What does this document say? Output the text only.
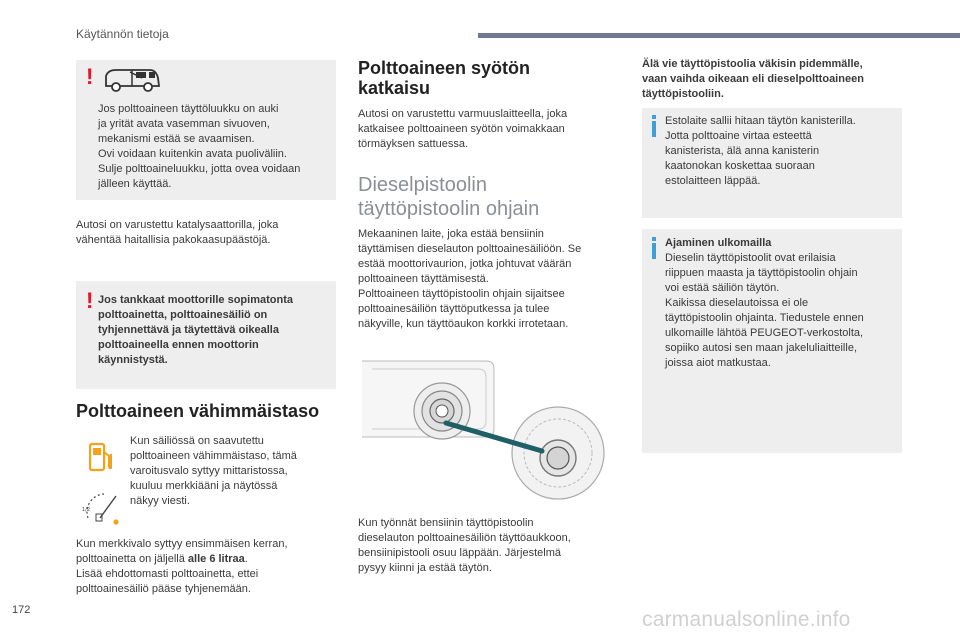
Käytännön tietoja
!
Jos polttoaineen täyttöluukku on auki
ja yrität avata vasemman sivuoven,
mekanismi estää se avaamisen.
Ovi voidaan kuitenkin avata puoliväliin.
Sulje polttoaineluukku, jotta ovea voidaan
jälleen käyttää.
Autosi on varustettu katalysaattorilla, joka
vähentää haitallisia pakokaasupäästöjä.
! Jos tankkaat moottorille sopimatonta
polttoainetta, polttoainesäiliö on
tyhjennettävä ja täytettävä oikealla
polttoaineella ennen moottorin
käynnistystä.
Polttoaineen vähimmäistaso
1/2
Kun säiliössä on saavutettu
polttoaineen vähimmäistaso, tämä
varoitusvalo syttyy mittaristossa,
kuuluu merkkiääni ja näytössä
näkyy viesti.
Kun merkkivalo syttyy ensimmäisen kerran,
polttoainetta on jäljellä alle 6 litraa.
Lisää ehdottomasti polttoainetta, ettei
polttoainesäiliö pääse tyhjenemään.
Polttoaineen syötön
katkaisu
Autosi on varustettu varmuuslaitteella, joka
katkaisee polttoaineen syötön voimakkaan
törmäyksen sattuessa.
Dieselpistoolin
täyttöpistoolin ohjain
Mekaaninen laite, joka estää bensiinin
täyttämisen dieselauton polttoainesäiliöön. Se
estää moottorivaurion, jotka johtuvat väärän
polttoaineen täyttämisestä.
Polttoaineen täyttöpistoolin ohjain sijaitsee
polttoainesäiliön täyttöputkessa ja tulee
näkyville, kun täyttöaukon korkki irrotetaan.
Kun työnnät bensiinin täyttöpistoolin
dieselauton polttoainesäiliön täyttöaukkoon,
bensiinipistooli osuu läppään. Järjestelmä
pysyy kiinni ja estää täytön.
Älä vie täyttöpistoolia väkisin pidemmälle,
vaan vaihda oikeaan eli dieselpolttoaineen
täyttöpistooliin.
Estolaite sallii hitaan täytön kanisterilla.
Jotta polttoaine virtaa esteettä
kanisterista, älä anna kanisterin
kaatonokan koskettaa suoraan
estolaitteen läppää.
Ajaminen ulkomailla
Dieselin täyttöpistoolit ovat erilaisia
riippuen maasta ja täyttöpistoolin ohjain
voi estää säiliön täytön.
Kaikissa dieselautoissa ei ole
täyttöpistoolin ohjainta. Tiedustele ennen
ulkomaille lähtöä PEUGEOT-verkostolta,
sopiiko autosi sen maan jakeluliaitteille,
joissa aiot matkustaa.
172	carmanualsonline.info
